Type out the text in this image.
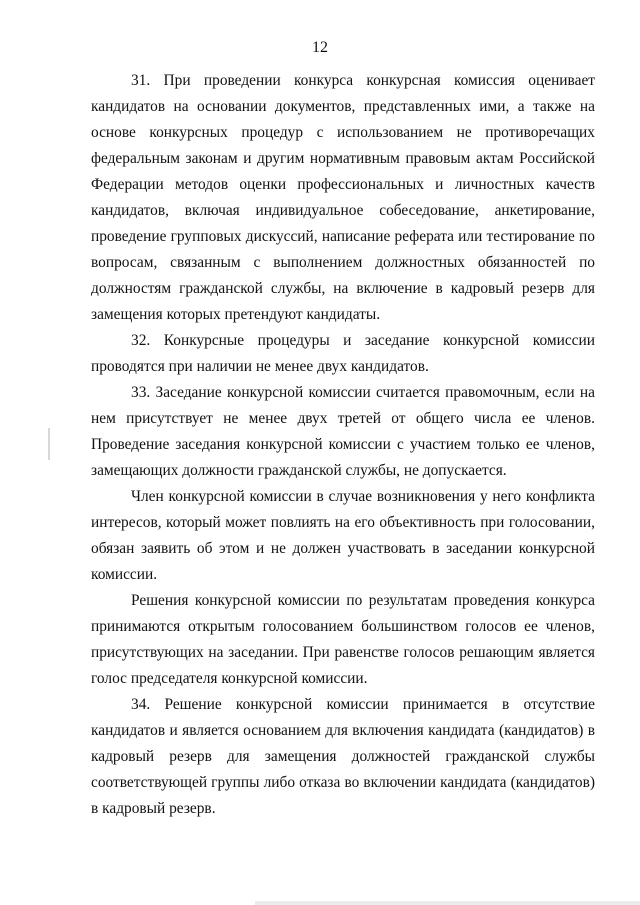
12

31. При проведении конкурса конкурсная комиссия оценивает кандидатов на основании документов, представленных ими, а также на основе конкурсных процедур с использованием не противоречащих федеральным законам и другим нормативным правовым актам Российской Федерации методов оценки профессиональных и личностных качеств кандидатов, включая индивидуальное собеседование, анкетирование, проведение групповых дискуссий, написание реферата или тестирование по вопросам, связанным с выполнением должностных обязанностей по должностям гражданской службы, на включение в кадровый резерв для замещения которых претендуют кандидаты.

32. Конкурсные процедуры и заседание конкурсной комиссии проводятся при наличии не менее двух кандидатов.

33. Заседание конкурсной комиссии считается правомочным, если на нем присутствует не менее двух третей от общего числа ее членов. Проведение заседания конкурсной комиссии с участием только ее членов, замещающих должности гражданской службы, не допускается.

Член конкурсной комиссии в случае возникновения у него конфликта интересов, который может повлиять на его объективность при голосовании, обязан заявить об этом и не должен участвовать в заседании конкурсной комиссии.

Решения конкурсной комиссии по результатам проведения конкурса принимаются открытым голосованием большинством голосов ее членов, присутствующих на заседании. При равенстве голосов решающим является голос председателя конкурсной комиссии.

34. Решение конкурсной комиссии принимается в отсутствие кандидатов и является основанием для включения кандидата (кандидатов) в кадровый резерв для замещения должностей гражданской службы соответствующей группы либо отказа во включении кандидата (кандидатов) в кадровый резерв.
